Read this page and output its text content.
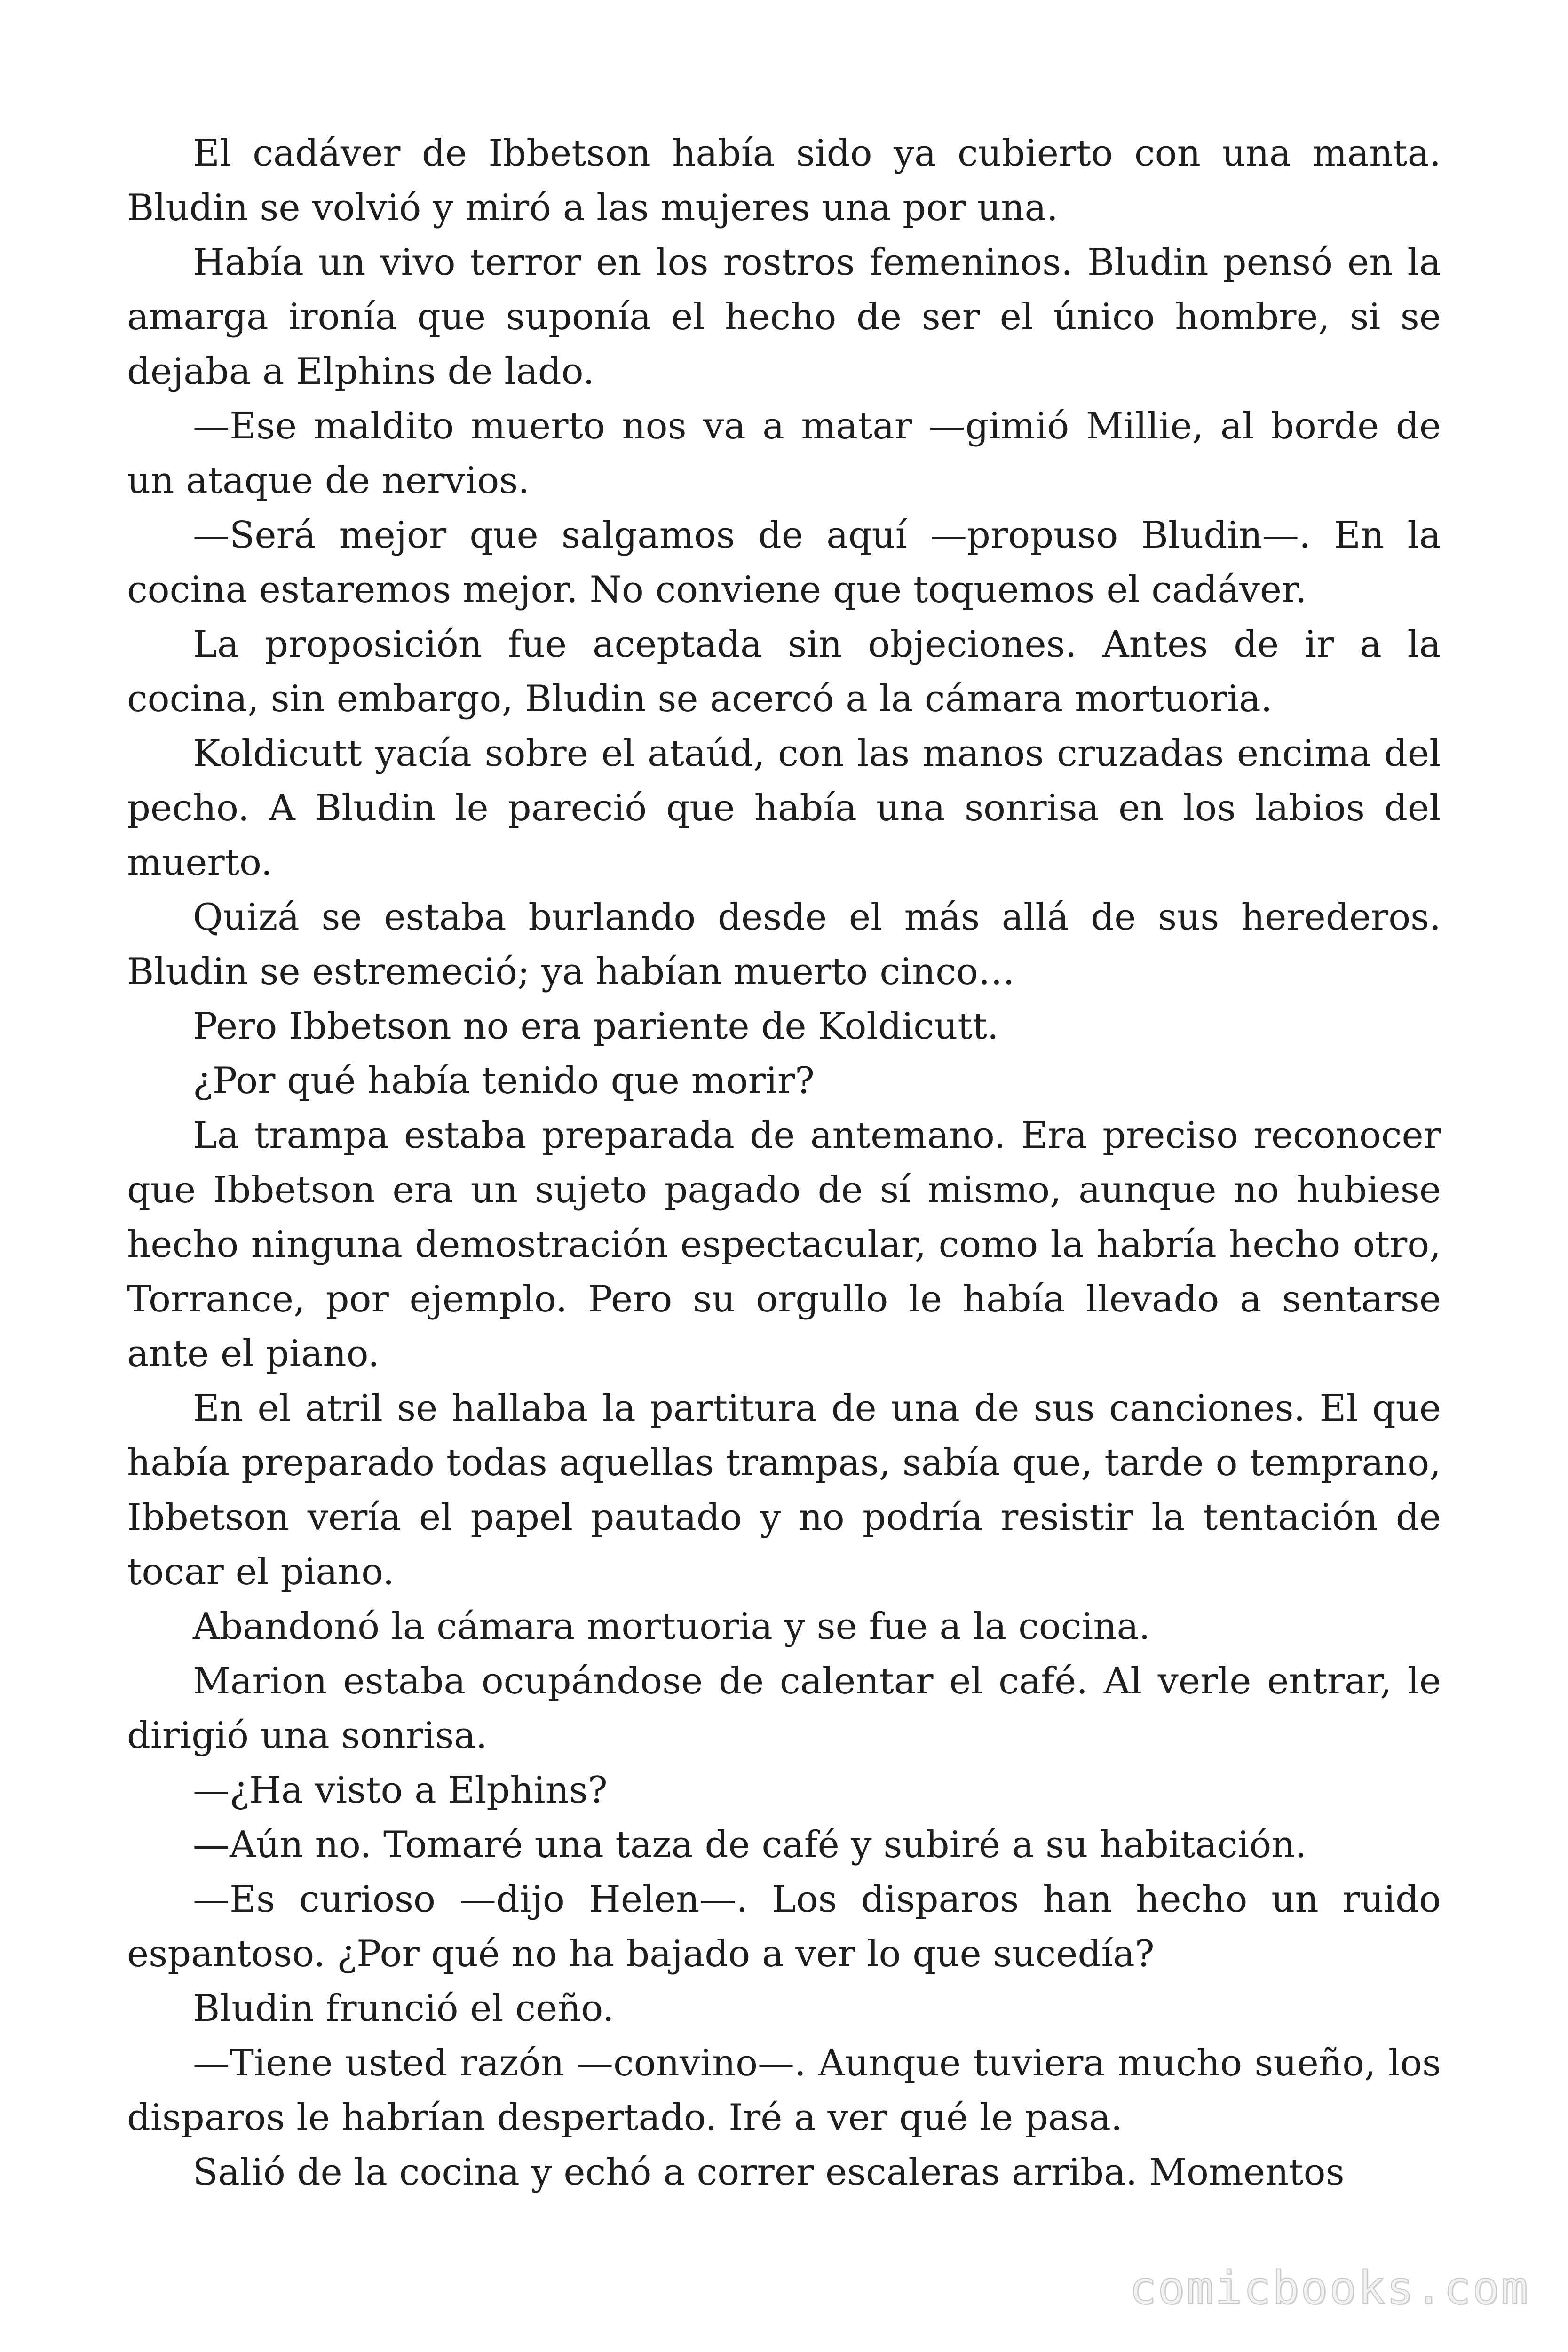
El cadáver de Ibbetson había sido ya cubierto con una manta. Bludin se volvió y miró a las mujeres una por una.

Había un vivo terror en los rostros femeninos. Bludin pensó en la amarga ironía que suponía el hecho de ser el único hombre, si se dejaba a Elphins de lado.

—Ese maldito muerto nos va a matar —gimió Millie, al borde de un ataque de nervios.

—Será mejor que salgamos de aquí —propuso Bludin—. En la cocina estaremos mejor. No conviene que toquemos el cadáver.

La proposición fue aceptada sin objeciones. Antes de ir a la cocina, sin embargo, Bludin se acercó a la cámara mortuoria.

Koldicutt yacía sobre el ataúd, con las manos cruzadas encima del pecho. A Bludin le pareció que había una sonrisa en los labios del muerto.

Quizá se estaba burlando desde el más allá de sus herederos. Bludin se estremeció; ya habían muerto cinco…

Pero Ibbetson no era pariente de Koldicutt.

¿Por qué había tenido que morir?

La trampa estaba preparada de antemano. Era preciso reconocer que Ibbetson era un sujeto pagado de sí mismo, aunque no hubiese hecho ninguna demostración espectacular, como la habría hecho otro, Torrance, por ejemplo. Pero su orgullo le había llevado a sentarse ante el piano.

En el atril se hallaba la partitura de una de sus canciones. El que había preparado todas aquellas trampas, sabía que, tarde o temprano, Ibbetson vería el papel pautado y no podría resistir la tentación de tocar el piano.

Abandonó la cámara mortuoria y se fue a la cocina.

Marion estaba ocupándose de calentar el café. Al verle entrar, le dirigió una sonrisa.

—¿Ha visto a Elphins?

—Aún no. Tomaré una taza de café y subiré a su habitación.

—Es curioso —dijo Helen—. Los disparos han hecho un ruido espantoso. ¿Por qué no ha bajado a ver lo que sucedía?

Bludin frunció el ceño.

—Tiene usted razón —convino—. Aunque tuviera mucho sueño, los disparos le habrían despertado. Iré a ver qué le pasa.

Salió de la cocina y echó a correr escaleras arriba. Momentos

comicbooks.com
